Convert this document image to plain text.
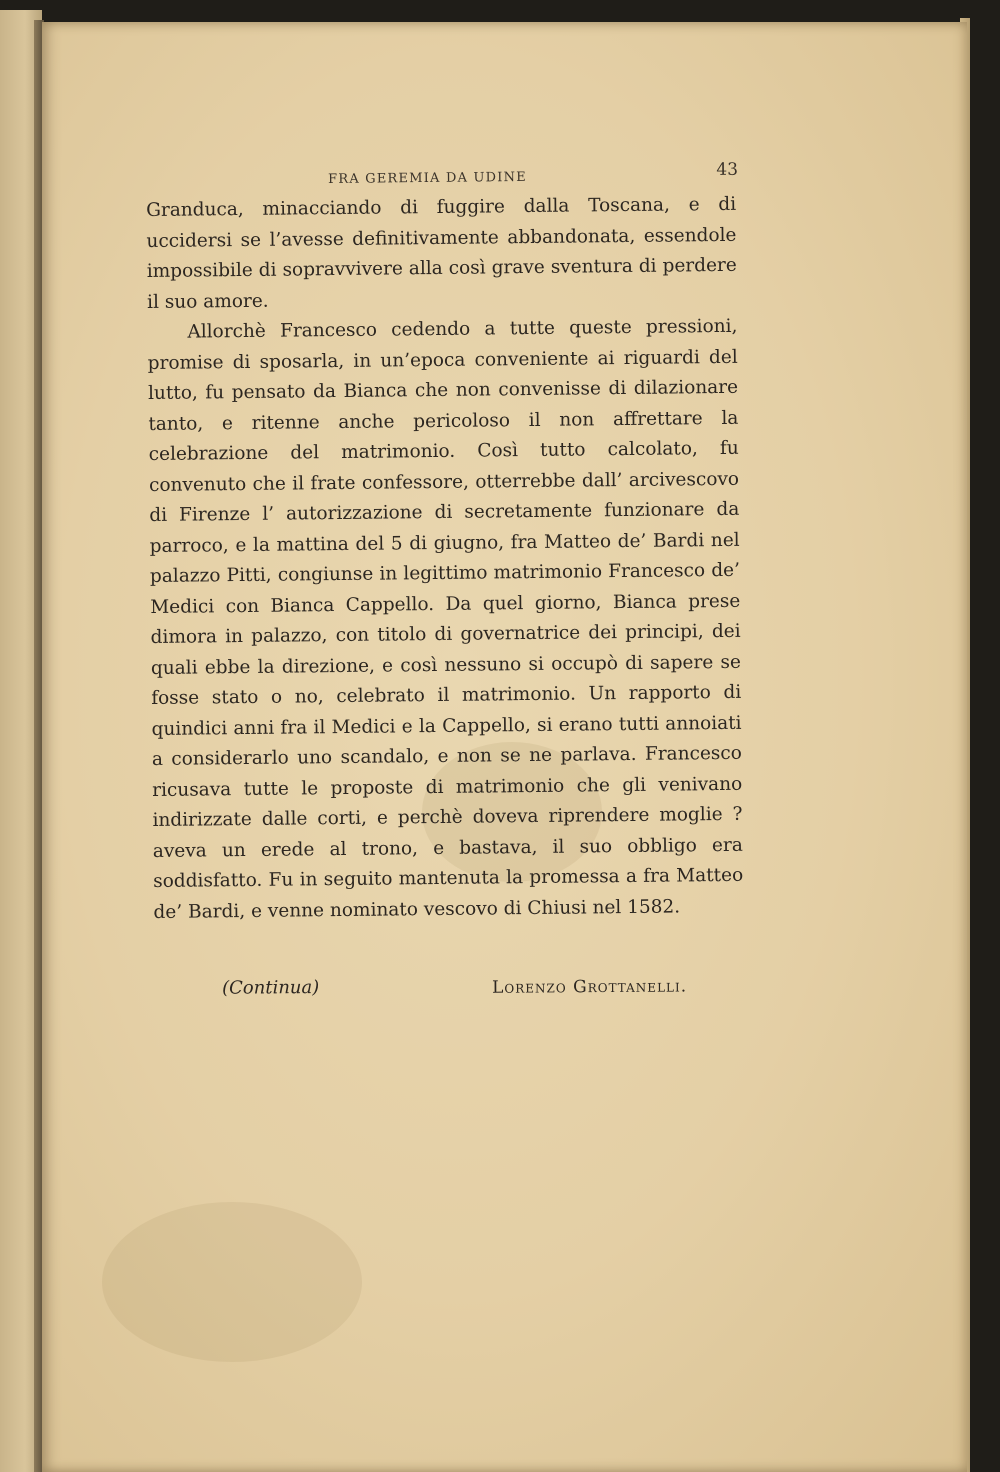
FRA GEREMIA DA UDINE	43

Granduca, minacciando di fuggire dalla Toscana, e di uccidersi se l’avesse definitivamente abbandonata, essendole impossibile di sopravvivere alla così grave sventura di perdere il suo amore.

Allorchè Francesco cedendo a tutte queste pressioni, promise di sposarla, in un’epoca conveniente ai riguardi del lutto, fu pensato da Bianca che non convenisse di dilazionare tanto, e ritenne anche pericoloso il non affrettare la celebrazione del matrimonio. Così tutto calcolato, fu convenuto che il frate confessore, otterrebbe dall’ arcivescovo di Firenze l’ autorizzazione di secretamente funzionare da parroco, e la mattina del 5 di giugno, fra Matteo de’ Bardi nel palazzo Pitti, congiunse in legittimo matrimonio Francesco de’ Medici con Bianca Cappello. Da quel giorno, Bianca prese dimora in palazzo, con titolo di governatrice dei principi, dei quali ebbe la direzione, e così nessuno si occupò di sapere se fosse stato o no, celebrato il matrimonio. Un rapporto di quindici anni fra il Medici e la Cappello, si erano tutti annoiati a considerarlo uno scandalo, e non se ne parlava. Francesco ricusava tutte le proposte di matrimonio che gli venivano indirizzate dalle corti, e perchè doveva riprendere moglie ? aveva un erede al trono, e bastava, il suo obbligo era soddisfatto. Fu in seguito mantenuta la promessa a fra Matteo de’ Bardi, e venne nominato vescovo di Chiusi nel 1582.

(Continua)	Lorenzo Grottanelli.
